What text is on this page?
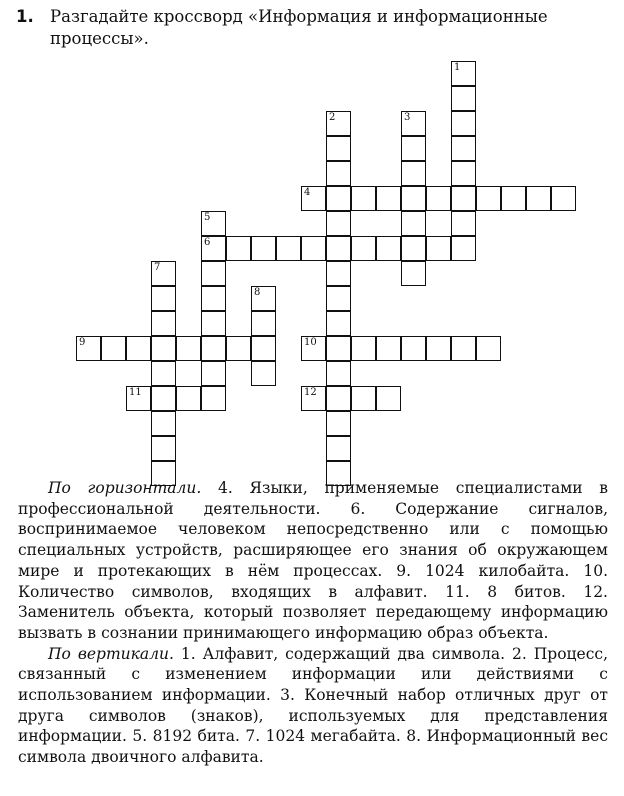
1. Разгадайте кроссворд «Информация и информационные
процессы».
1
2	3
4
5
6
7
8
9	10
11	12

По горизонтали. 4. Языки, применяемые специалистами в профессиональной деятельности. 6. Содержание сигналов, воспринимаемое человеком непосредственно или с помощью специальных устройств, расширяющее его знания об окружающем мире и протекающих в нём процессах. 9. 1024 килобайта. 10. Количество символов, входящих в алфавит. 11. 8 битов. 12. Заменитель объекта, который позволяет передающему информацию вызвать в сознании принимающего информацию образ объекта.

По вертикали. 1. Алфавит, содержащий два символа. 2. Процесс, связанный с изменением информации или действиями с использованием информации. 3. Конечный набор отличных друг от друга символов (знаков), используемых для представления информации. 5. 8192 бита. 7. 1024 мегабайта. 8. Информационный вес символа двоичного алфавита.
